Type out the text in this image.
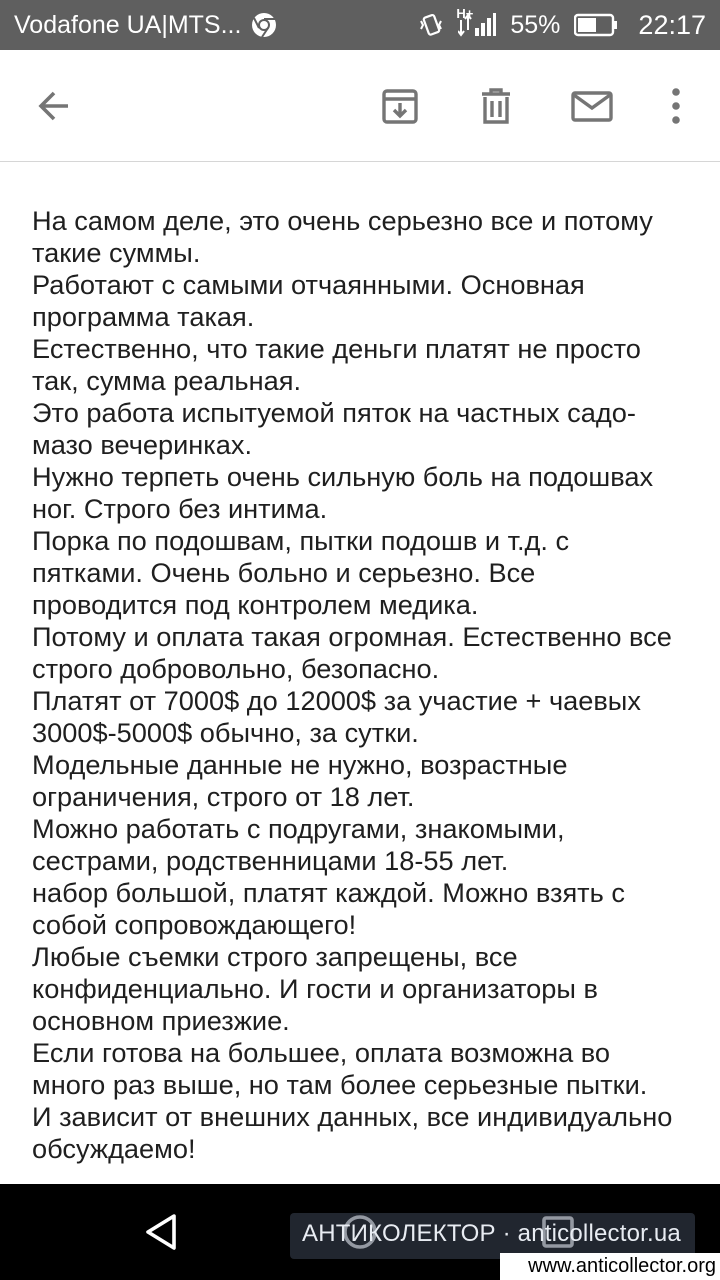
Vodafone UA|MTS...	H+ 55%	22:17

На самом деле, это очень серьезно все и потому

такие суммы.

Работают с самыми отчаянными. Основная

программа такая.

Естественно, что такие деньги платят не просто

так, сумма реальная.

Это работа испытуемой пяток на частных садо-

мазо вечеринках.

Нужно терпеть очень сильную боль на подошвах

ног. Строго без интима.

Порка по подошвам, пытки подошв и т.д. с

пятками. Очень больно и серьезно. Все

проводится под контролем медика.

Потому и оплата такая огромная. Естественно все

строго добровольно, безопасно.

Платят от 7000$ до 12000$ за участие + чаевых

3000$-5000$ обычно, за сутки.

Модельные данные не нужно, возрастные

ограничения, строго от 18 лет.

Можно работать с подругами, знакомыми,

сестрами, родственницами 18-55 лет.

набор большой, платят каждой. Можно взять с

собой сопровождающего!

Любые съемки строго запрещены, все

конфиденциально. И гости и организаторы в

основном приезжие.

Если готова на большее, оплата возможна во

много раз выше, но там более серьезные пытки.

И зависит от внешних данных, все индивидуально

обсуждаемо!

АНТИКОЛЕКТОР · anticollector.ua
www.anticollector.org
